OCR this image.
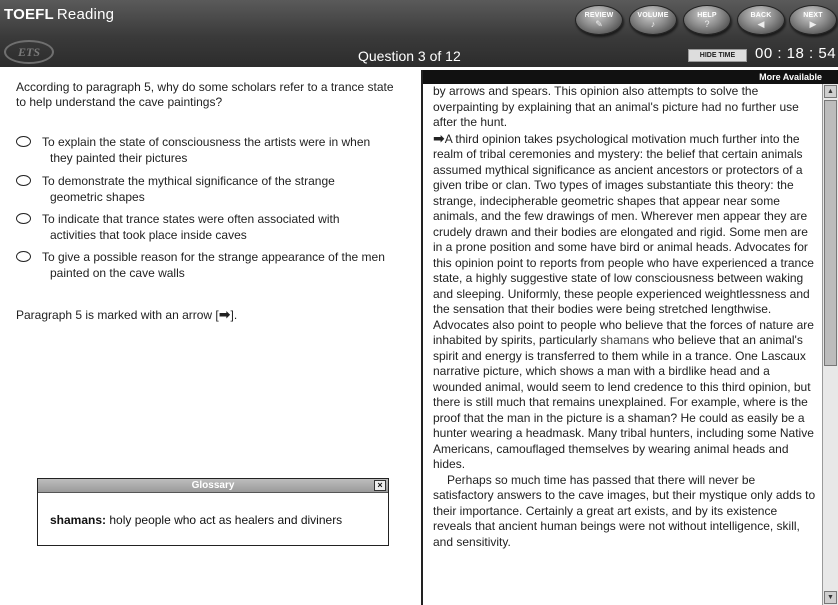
TOEFL Reading
ETS
REVIEW
✎
VOLUME
♪
HELP
?
BACK
◀
NEXT
▶
Question 3 of 12	HIDE TIME	00 : 18 : 54
According to paragraph 5, why do some scholars refer to a trance state to help understand the cave paintings?
To explain the state of consciousness the artists were in when
they painted their pictures
To demonstrate the mythical significance of the strange
geometric shapes
To indicate that trance states were often associated with
activities that took place inside caves
To give a possible reason for the strange appearance of the men
painted on the cave walls
Paragraph 5 is marked with an arrow [➡].
Glossary	×
shamans: holy people who act as healers and diviners
More Available

by arrows and spears. This opinion also attempts to solve the overpainting by explaining that an animal's picture had no further use after the hunt.

➡A third opinion takes psychological motivation much further into the realm of tribal ceremonies and mystery: the belief that certain animals assumed mythical significance as ancient ancestors or protectors of a given tribe or clan. Two types of images substantiate this theory: the strange, indecipherable geometric shapes that appear near some animals, and the few drawings of men. Wherever men appear they are crudely drawn and their bodies are elongated and rigid. Some men are in a prone position and some have bird or animal heads. Advocates for this opinion point to reports from people who have experienced a trance state, a highly suggestive state of low consciousness between waking and sleeping. Uniformly, these people experienced weightlessness and the sensation that their bodies were being stretched lengthwise. Advocates also point to people who believe that the forces of nature are inhabited by spirits, particularly shamans who believe that an animal's spirit and energy is transferred to them while in a trance. One Lascaux narrative picture, which shows a man with a birdlike head and a wounded animal, would seem to lend credence to this third opinion, but there is still much that remains unexplained. For example, where is the proof that the man in the picture is a shaman? He could as easily be a hunter wearing a headmask. Many tribal hunters, including some Native Americans, camouflaged themselves by wearing animal heads and hides.

Perhaps so much time has passed that there will never be satisfactory answers to the cave images, but their mystique only adds to their importance. Certainly a great art exists, and by its existence reveals that ancient human beings were not without intelligence, skill, and sensitivity.

▲
▼
